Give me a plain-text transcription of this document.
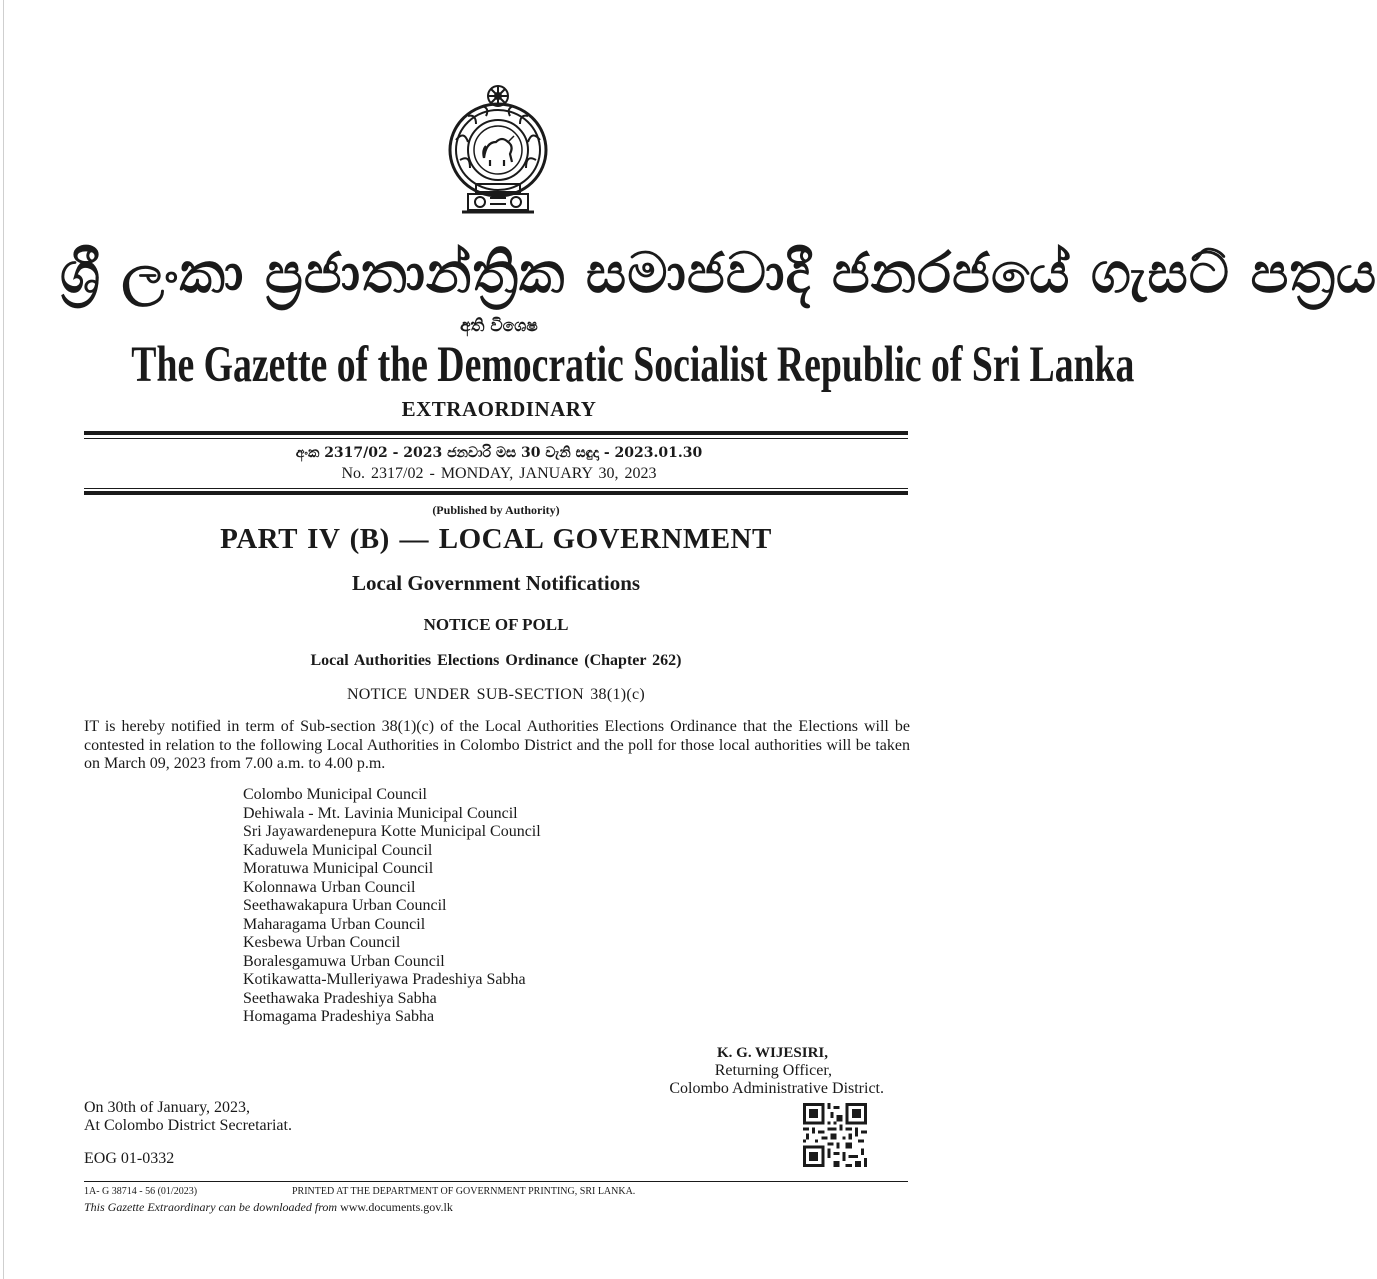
ශ්‍රී ලංකා ප්‍රජාතාන්ත්‍රික සමාජවාදී ජනරජයේ ගැසට් පත්‍රය
අති විශෙෂ
The Gazette of the Democratic Socialist Republic of Sri Lanka
EXTRAORDINARY
අංක 2317/02 - 2023 ජනවාරි මස 30 වැනි සඳුදා - 2023.01.30
No. 2317/02 - MONDAY, JANUARY 30, 2023
(Published by Authority)
PART IV (B) — LOCAL GOVERNMENT
Local Government Notifications
NOTICE OF POLL
Local Authorities Elections Ordinance (Chapter 262)
NOTICE UNDER SUB-SECTION 38(1)(c)
IT is hereby notified in term of Sub-section 38(1)(c) of the Local Authorities Elections Ordinance that the Elections will be contested in relation to the following Local Authorities in Colombo District and the poll for those local authorities will be taken on March 09, 2023 from 7.00 a.m. to 4.00 p.m.
Colombo Municipal Council
Dehiwala - Mt. Lavinia Municipal Council
Sri Jayawardenepura Kotte Municipal Council
Kaduwela Municipal Council
Moratuwa Municipal Council
Kolonnawa Urban Council
Seethawakapura Urban Council
Maharagama Urban Council
Kesbewa Urban Council
Boralesgamuwa Urban Council
Kotikawatta-Mulleriyawa Pradeshiya Sabha
Seethawaka Pradeshiya Sabha
Homagama Pradeshiya Sabha
K. G. WIJESIRI,
Returning Officer,
Colombo Administrative District.
On 30th of January, 2023,
At Colombo District Secretariat.
EOG 01-0332
1A- G 38714 - 56 (01/2023)	PRINTED AT THE DEPARTMENT OF GOVERNMENT PRINTING, SRI LANKA.
This Gazette Extraordinary can be downloaded from www.documents.gov.lk
